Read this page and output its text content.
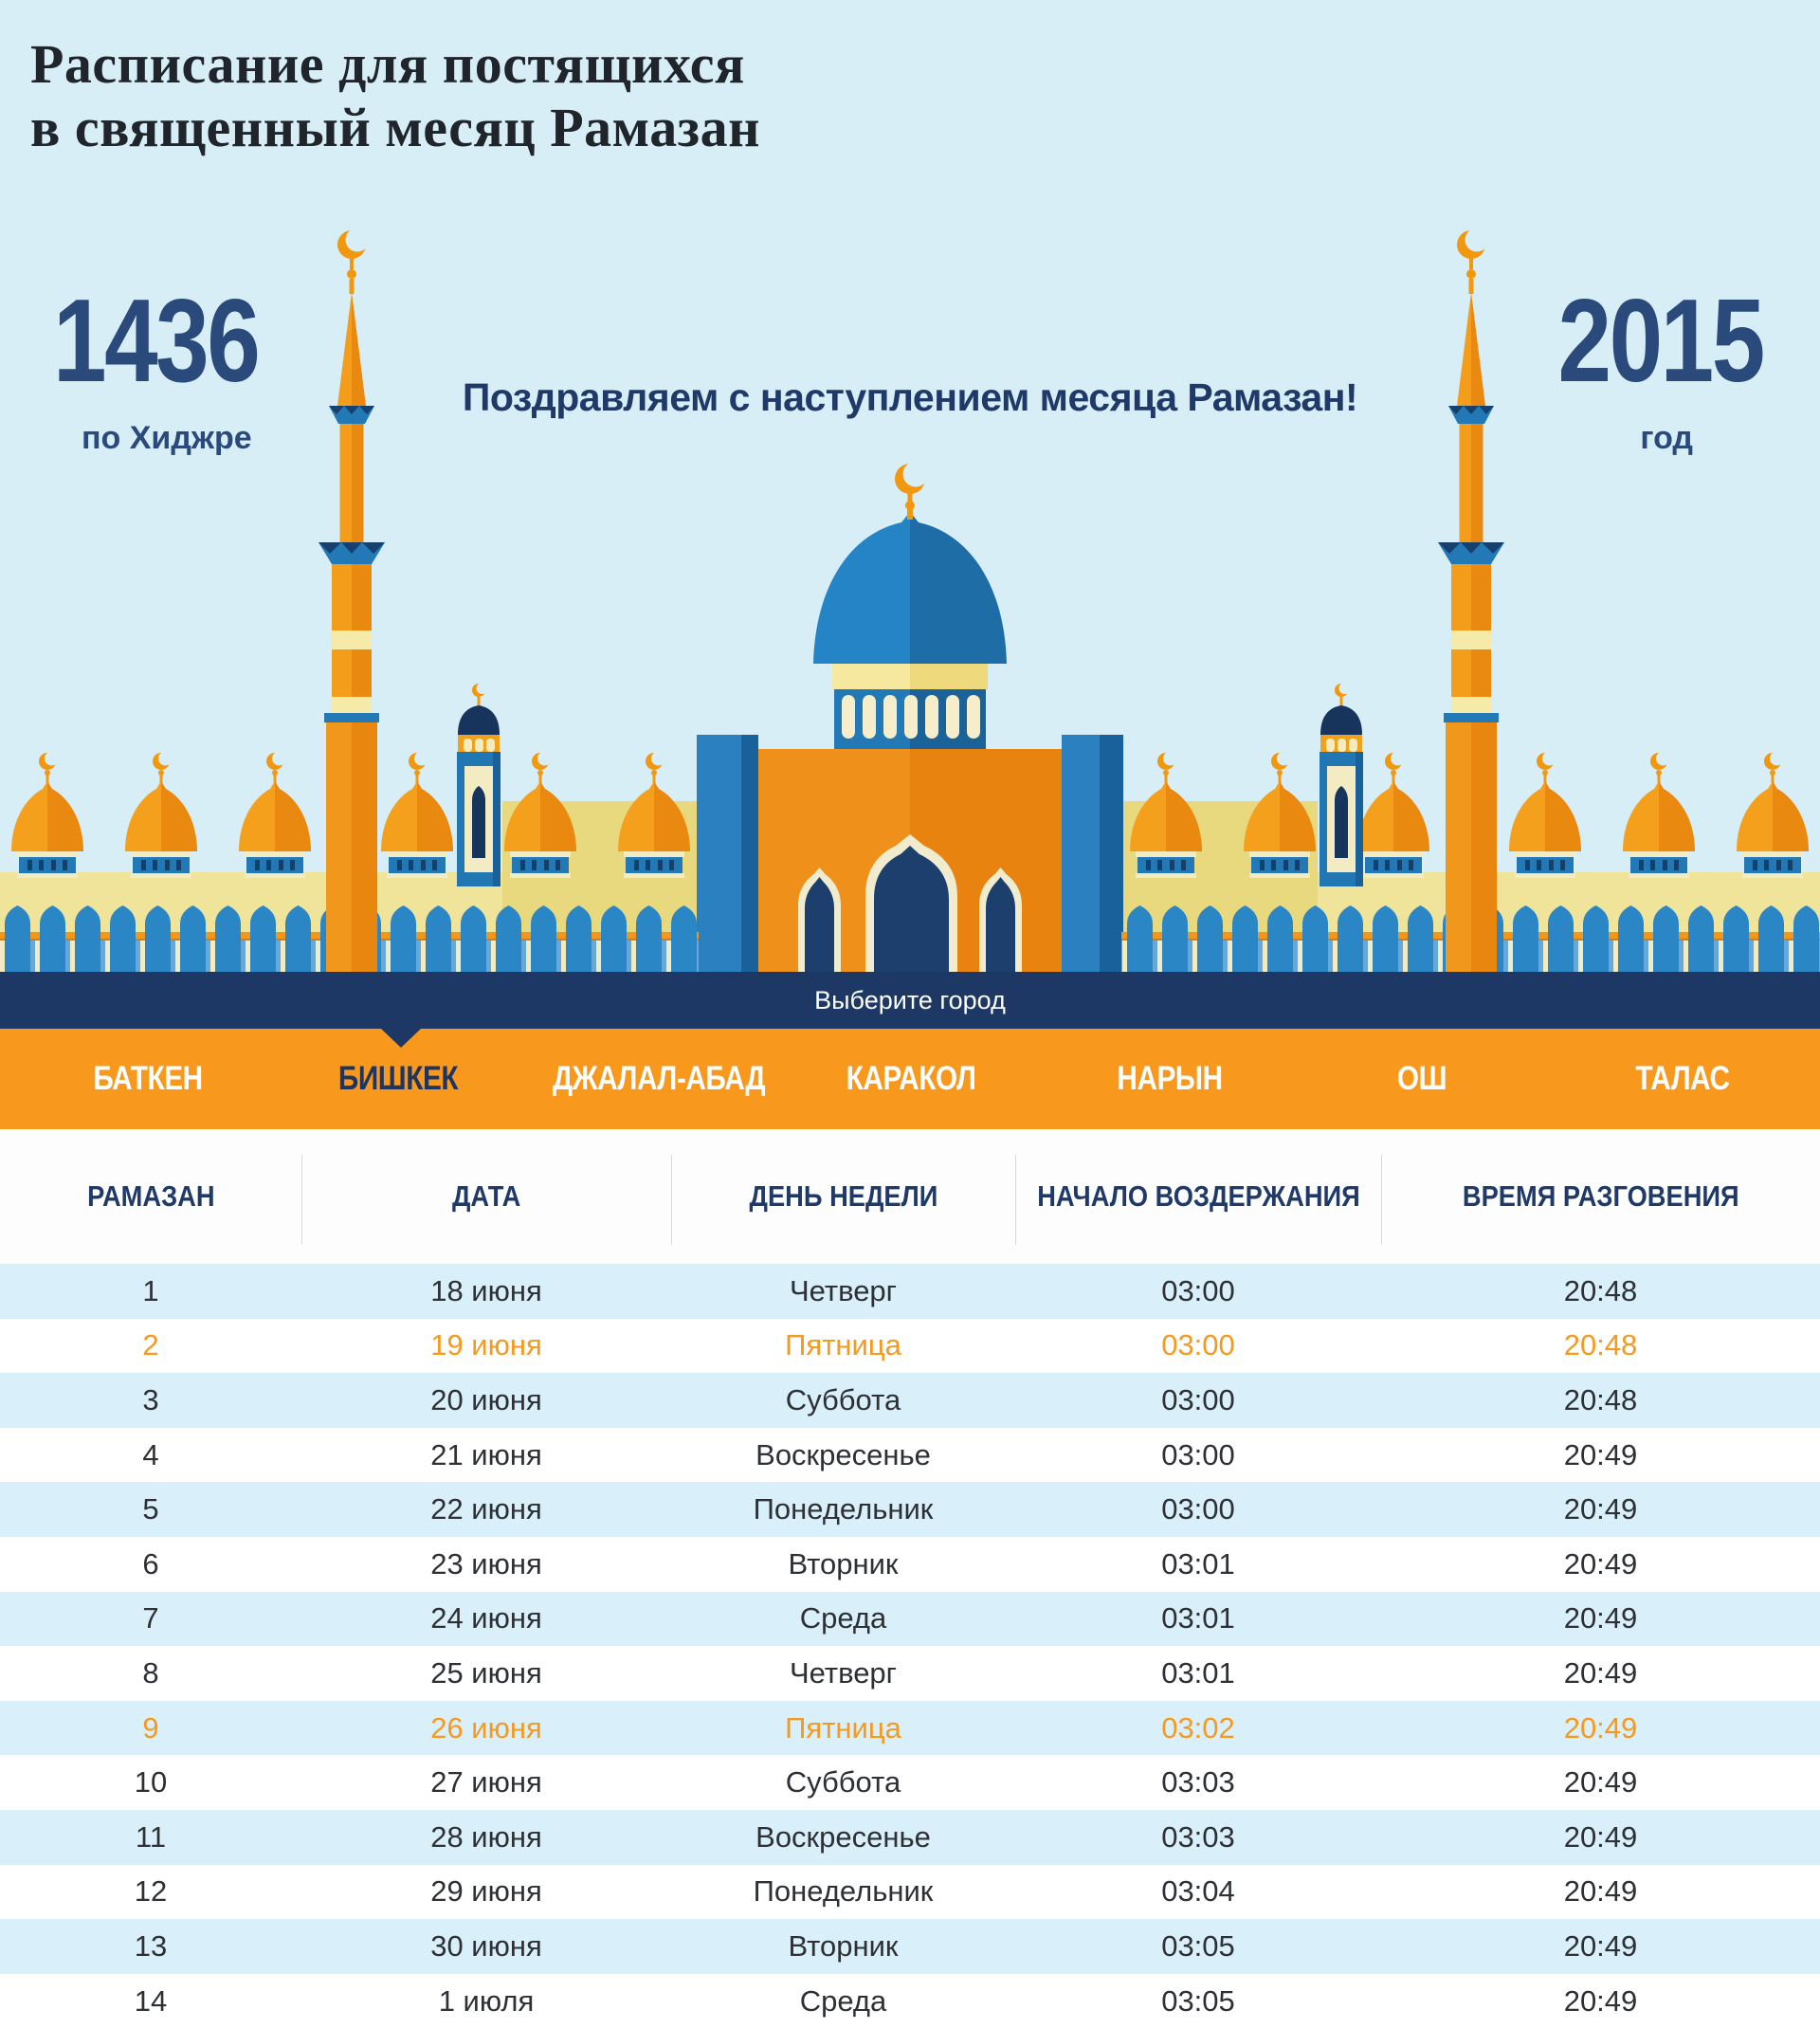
Расписание для постящихся
в священный месяц Рамазан
1436
по Хиджре
2015
год
Поздравляем с наступлением месяца Рамазан!
Выберите город
БАТКЕН	БИШКЕК	ДЖАЛАЛ-АБАД КАРАКОЛ	НАРЫН	ОШ	ТАЛАС
РАМАЗАН	ДАТА	ДЕНЬ НЕДЕЛИ	НАЧАЛО ВОЗДЕРЖАНИЯ	ВРЕМЯ РАЗГОВЕНИЯ
1	18 июня	Четверг	03:00	20:48
2	19 июня	Пятница	03:00	20:48
3	20 июня	Суббота	03:00	20:48
4	21 июня	Воскресенье	03:00	20:49
5	22 июня	Понедельник	03:00	20:49
6	23 июня	Вторник	03:01	20:49
7	24 июня	Среда	03:01	20:49
8	25 июня	Четверг	03:01	20:49
9	26 июня	Пятница	03:02	20:49
10	27 июня	Суббота	03:03	20:49
11	28 июня	Воскресенье	03:03	20:49
12	29 июня	Понедельник	03:04	20:49
13	30 июня	Вторник	03:05	20:49
14	1 июля	Среда	03:05	20:49
